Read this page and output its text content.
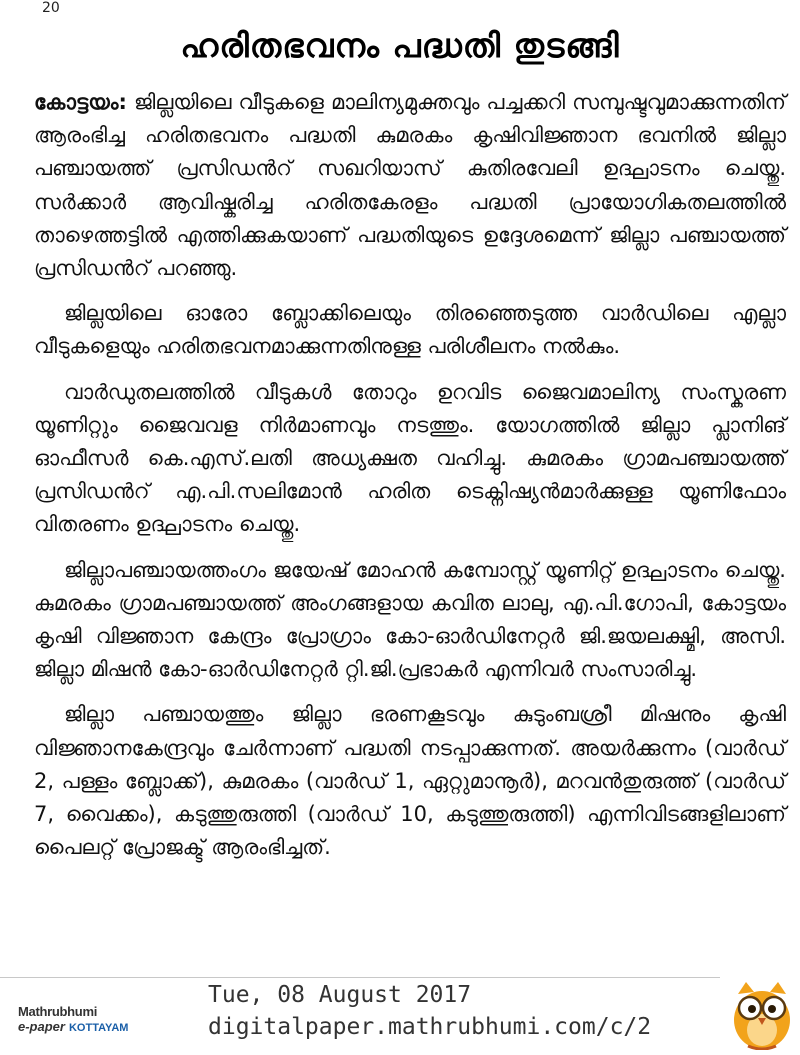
20
ഹരിതഭവനം പദ്ധതി തുടങ്ങി

കോട്ടയം: ജില്ലയിലെ വീടുകളെ മാലിന്യമുക്തവും പച്ചക്കറി സമ്പുഷ്ടവുമാക്കുന്നതിന് ആരംഭിച്ച ഹരിതഭവനം പദ്ധതി കുമരകം കൃഷിവിജ്ഞാന ഭവനിൽ ജില്ലാ പഞ്ചായത്ത് പ്രസിഡൻറ് സഖറിയാസ് കുതിരവേലി ഉദ്ഘാടനം ചെയ്തു. സർക്കാർ ആവിഷ്കരിച്ച ഹരിതകേരളം പദ്ധതി പ്രായോഗികതലത്തിൽ താഴെത്തട്ടിൽ എത്തിക്കുകയാണ് പദ്ധതിയുടെ ഉദ്ദേശമെന്ന് ജില്ലാ പഞ്ചായത്ത് പ്രസിഡൻറ് പറഞ്ഞു.

ജില്ലയിലെ ഓരോ ബ്ലോക്കിലെയും തിരഞ്ഞെടുത്ത വാർഡിലെ എല്ലാ വീടുകളെയും ഹരിതഭവനമാക്കുന്നതിനുള്ള പരിശീലനം നൽകും.

വാർഡുതലത്തിൽ വീടുകൾ തോറും ഉറവിട ജൈവമാലിന്യ സംസ്കരണ യൂണിറ്റും ജൈവവള നിർമാണവും നടത്തും. യോഗത്തിൽ ജില്ലാ പ്ലാനിങ് ഓഫീസർ കെ.എസ്.ലതി അധ്യക്ഷത വഹിച്ചു. കുമരകം ഗ്രാമപഞ്ചായത്ത് പ്രസിഡൻറ് എ.പി.സലിമോൻ ഹരിത ടെക്നിഷ്യൻമാർക്കുള്ള യൂണിഫോം വിതരണം ഉദ്ഘാടനം ചെയ്തു.

ജില്ലാപഞ്ചായത്തംഗം ജയേഷ് മോഹൻ കമ്പോസ്റ്റ് യൂണിറ്റ് ഉദ്ഘാടനം ചെയ്തു. കുമരകം ഗ്രാമപഞ്ചായത്ത് അംഗങ്ങളായ കവിത ലാലു, എ.പി.ഗോപി, കോട്ടയം കൃഷി വിജ്ഞാന കേന്ദ്രം പ്രോഗ്രാം കോ-ഓർഡിനേറ്റർ ജി.ജയലക്ഷ്മി, അസി. ജില്ലാ മിഷൻ കോ-ഓർഡിനേറ്റർ റ്റി.ജി.പ്രഭാകർ എന്നിവർ സംസാരിച്ചു.

ജില്ലാ പഞ്ചായത്തും ജില്ലാ ഭരണകൂടവും കുടുംബശ്രീ മിഷനും കൃഷി വിജ്ഞാനകേന്ദ്രവും ചേർന്നാണ് പദ്ധതി നടപ്പാക്കുന്നത്. അയർക്കുന്നം (വാർഡ് 2, പള്ളം ബ്ലോക്ക്), കുമരകം (വാർഡ് 1, ഏറ്റുമാനൂർ), മറവൻതുരുത്ത് (വാർഡ് 7, വൈക്കം), കടുത്തുരുത്തി (വാർഡ് 10, കടുത്തുരുത്തി) എന്നിവിടങ്ങളിലാണ് പൈലറ്റ് പ്രോജക്ട് ആരംഭിച്ചത്.

Mathrubhumi
e-paper KOTTAYAM
Tue, 08 August 2017
digitalpaper.mathrubhumi.com/c/2
